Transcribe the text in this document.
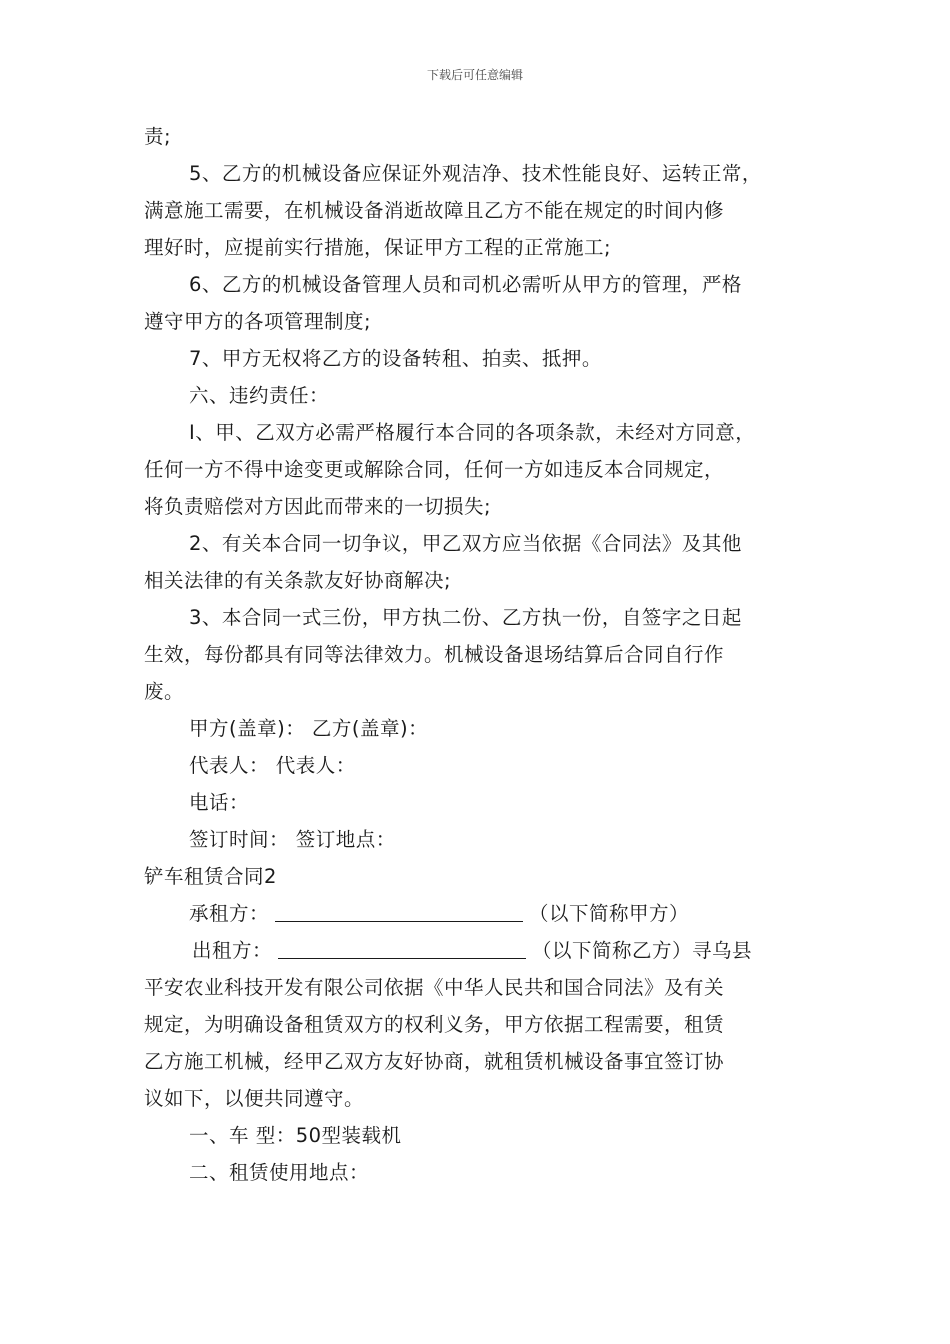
下载后可任意编辑
责;
5、乙方的机械设备应保证外观洁净、技术性能良好、运转正常，
满意施工需要，在机械设备消逝故障且乙方不能在规定的时间内修
理好时，应提前实行措施，保证甲方工程的正常施工;
6、乙方的机械设备管理人员和司机必需听从甲方的管理，严格
遵守甲方的各项管理制度;
7、甲方无权将乙方的设备转租、拍卖、抵押。
六、违约责任：
I、甲、乙双方必需严格履行本合同的各项条款，未经对方同意，
任何一方不得中途变更或解除合同，任何一方如违反本合同规定，
将负责赔偿对方因此而带来的一切损失;
2、有关本合同一切争议，甲乙双方应当依据《合同法》及其他
相关法律的有关条款友好协商解决;
3、本合同一式三份，甲方执二份、乙方执一份，自签字之日起
生效，每份都具有同等法律效力。机械设备退场结算后合同自行作
废。
甲方(盖章)： 乙方(盖章)：
代表人： 代表人：
电话：
签订时间： 签订地点：
铲车租赁合同2
承租方：	（以下简称甲方）
出租方：	（以下简称乙方）寻乌县
平安农业科技开发有限公司依据《中华人民共和国合同法》及有关
规定，为明确设备租赁双方的权利义务，甲方依据工程需要，租赁
乙方施工机械，经甲乙双方友好协商，就租赁机械设备事宜签订协
议如下，以便共同遵守。
一、车 型：50型装载机
二、租赁使用地点：
